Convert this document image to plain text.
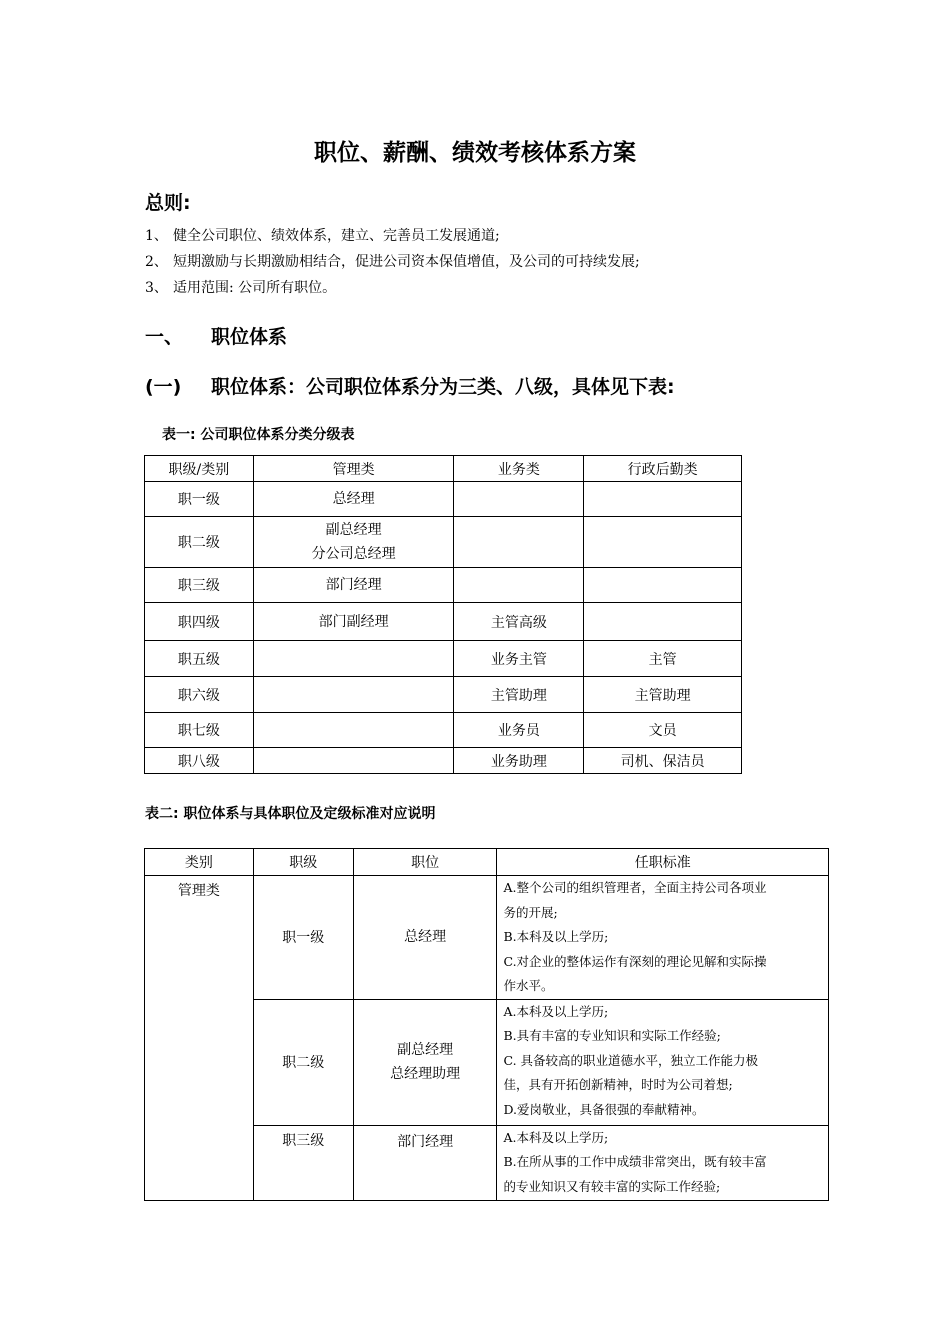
职位、薪酬、绩效考核体系方案
总则:
1、 健全公司职位、绩效体系，建立、完善员工发展通道;
2、 短期激励与长期激励相结合，促进公司资本保值增值，及公司的可持续发展;
3、 适用范围: 公司所有职位。
一、 职位体系
(一) 职位体系：公司职位体系分为三类、八级，具体见下表:
表一: 公司职位体系分类分级表
职级/类别	管理类	业务类	行政后勤类
职一级	总经理		

职二级	副总经理
分公司总经理		

职三级	部门经理		

职四级	部门副经理	主管高级	
职五级		业务主管	主管
职六级		主管助理	主管助理
职七级		业务员	文员
职八级		业务助理	司机、保洁员
表二: 职位体系与具体职位及定级标准对应说明
类别	职级	职位	任职标准
管理类	职一级	总经理	A.整个公司的组织管理者，全面主持公司各项业
务的开展;
B.本科及以上学历;
C.对企业的整体运作有深刻的理论见解和实际操
作水平。

	职二级	副总经理
总经理助理	A.本科及以上学历;
B.具有丰富的专业知识和实际工作经验;
C. 具备较高的职业道德水平，独立工作能力极
佳，具有开拓创新精神，时时为公司着想;
D.爱岗敬业，具备很强的奉献精神。

	职三级	部门经理	A.本科及以上学历;
B.在所从事的工作中成绩非常突出，既有较丰富
的专业知识又有较丰富的实际工作经验;
